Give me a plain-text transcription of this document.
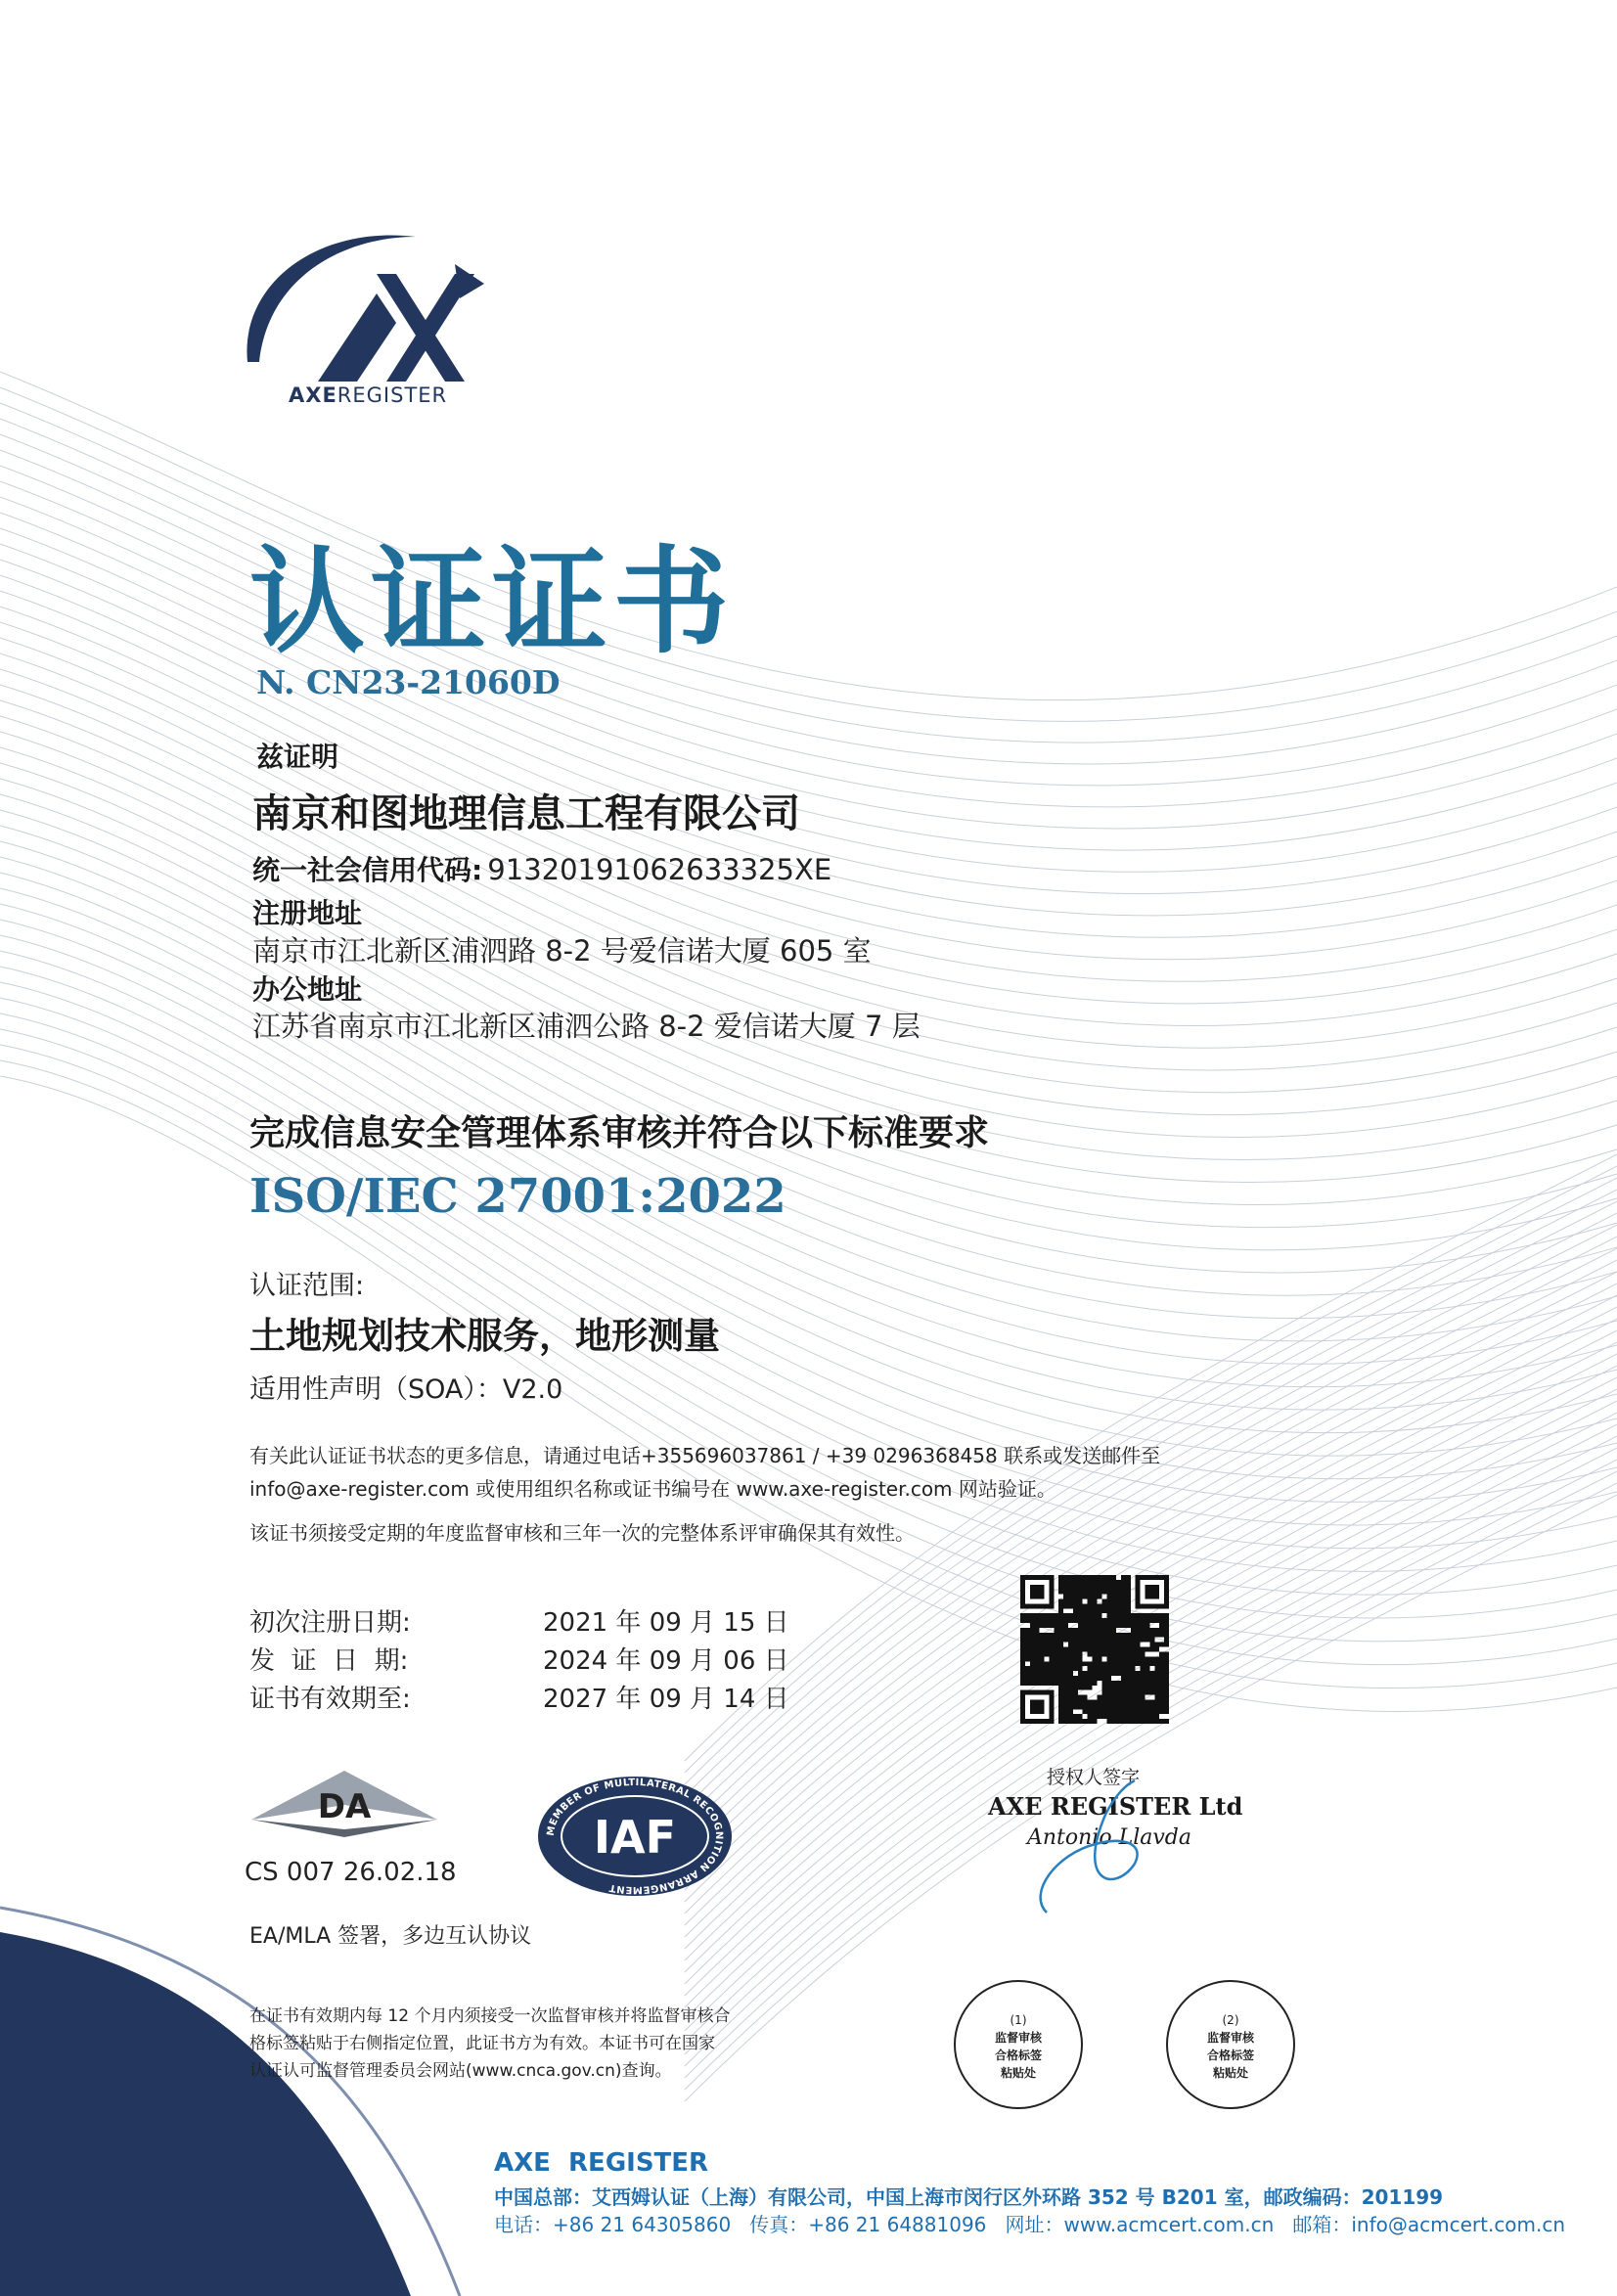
AXEREGISTER
认证证书
N. CN23-21060D
兹证明
南京和图地理信息工程有限公司
统一社会信用代码: 91320191062633325XE
注册地址
南京市江北新区浦泗路 8-2 号爱信诺大厦 605 室
办公地址
江苏省南京市江北新区浦泗公路 8-2 爱信诺大厦 7 层
完成信息安全管理体系审核并符合以下标准要求
ISO/IEC 27001:2022
认证范围:
土地规划技术服务，地形测量
适用性声明（SOA）：V2.0
有关此认证证书状态的更多信息，请通过电话+355696037861 / +39 0296368458 联系或发送邮件至
info@axe-register.com 或使用组织名称或证书编号在 www.axe-register.com 网站验证。
该证书须接受定期的年度监督审核和三年一次的完整体系评审确保其有效性。
初次注册日期:	2021 年 09 月 15 日
发  证  日  期:	2024 年 09 月 06 日
证书有效期至:	2027 年 09 月 14 日
DA
CS 007 26.02.18
MEMBER OF MULTILATERAL RECOGNITION ARRANGEMENT
IAF
EA/MLA 签署，多边互认协议
授权人签字
AXE REGISTER Ltd
Antonio Llavda
在证书有效期内每 12 个月内须接受一次监督审核并将监督审核合
格标签粘贴于右侧指定位置，此证书方为有效。本证书可在国家
认证认可监督管理委员会网站(www.cnca.gov.cn)查询。
(1)
监督审核
合格标签
粘贴处
(2)
监督审核
合格标签
粘贴处
AXE  REGISTER
中国总部：艾西姆认证（上海）有限公司，中国上海市闵行区外环路 352 号 B201 室，邮政编码：201199
电话：+86 21 64305860   传真：+86 21 64881096   网址：www.acmcert.com.cn   邮箱：info@acmcert.com.cn
